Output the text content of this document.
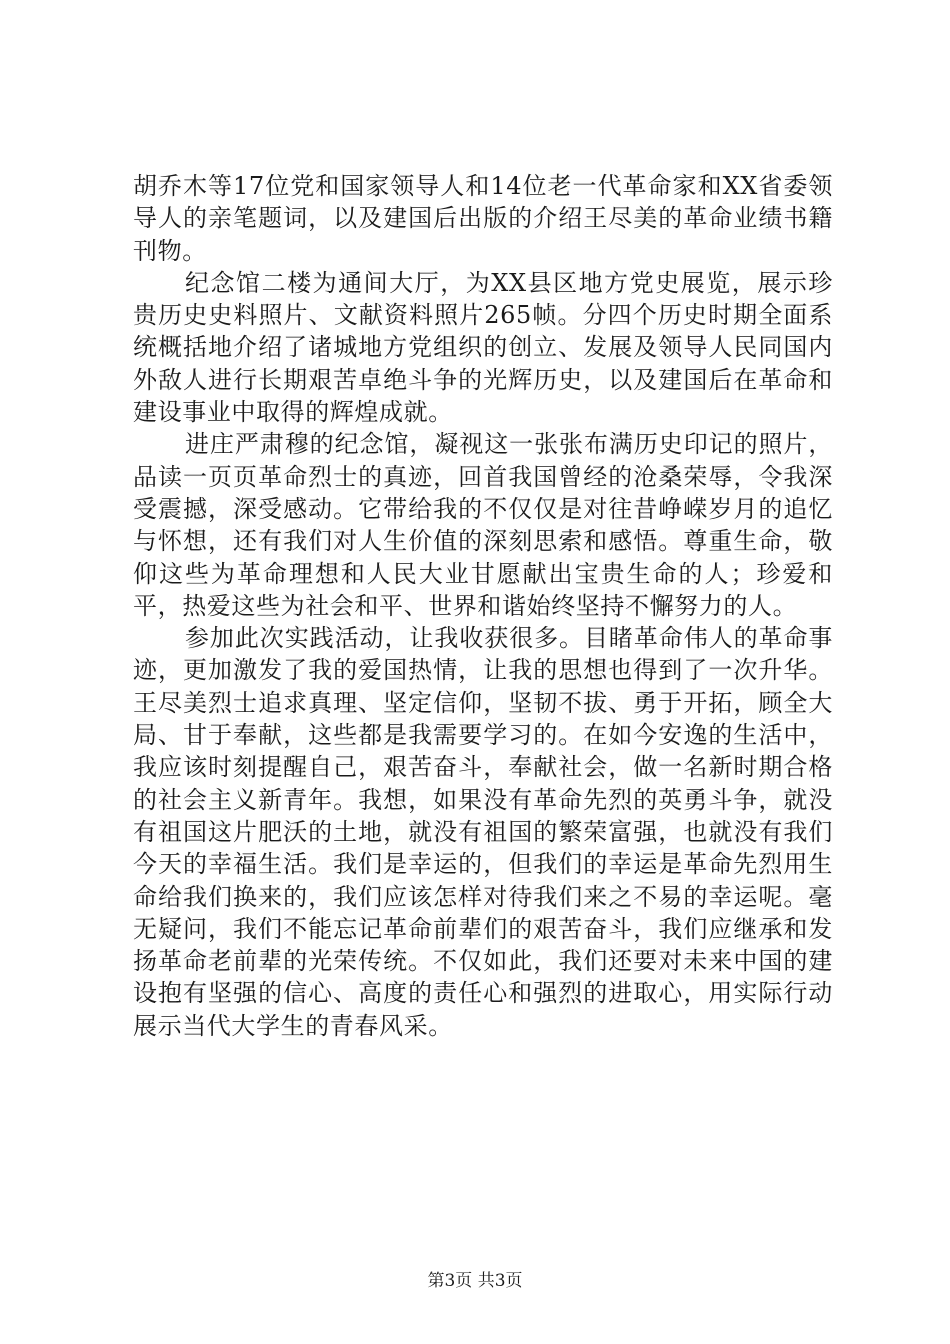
胡乔木等17位党和国家领导人和14位老一代革命家和XX省委领导人的亲笔题词，以及建国后出版的介绍王尽美的革命业绩书籍刊物。

纪念馆二楼为通间大厅，为XX县区地方党史展览，展示珍贵历史史料照片、文献资料照片265帧。分四个历史时期全面系统概括地介绍了诸城地方党组织的创立、发展及领导人民同国内外敌人进行长期艰苦卓绝斗争的光辉历史，以及建国后在革命和建设事业中取得的辉煌成就。

进庄严肃穆的纪念馆，凝视这一张张布满历史印记的照片，品读一页页革命烈士的真迹，回首我国曾经的沧桑荣辱，令我深受震撼，深受感动。它带给我的不仅仅是对往昔峥嵘岁月的追忆与怀想，还有我们对人生价值的深刻思索和感悟。尊重生命，敬仰这些为革命理想和人民大业甘愿献出宝贵生命的人；珍爱和平，热爱这些为社会和平、世界和谐始终坚持不懈努力的人。

参加此次实践活动，让我收获很多。目睹革命伟人的革命事迹，更加激发了我的爱国热情，让我的思想也得到了一次升华。王尽美烈士追求真理、坚定信仰，坚韧不拔、勇于开拓，顾全大局、甘于奉献，这些都是我需要学习的。在如今安逸的生活中，我应该时刻提醒自己，艰苦奋斗，奉献社会，做一名新时期合格的社会主义新青年。我想，如果没有革命先烈的英勇斗争，就没有祖国这片肥沃的土地，就没有祖国的繁荣富强，也就没有我们今天的幸福生活。我们是幸运的，但我们的幸运是革命先烈用生命给我们换来的，我们应该怎样对待我们来之不易的幸运呢。毫无疑问，我们不能忘记革命前辈们的艰苦奋斗，我们应继承和发扬革命老前辈的光荣传统。不仅如此，我们还要对未来中国的建设抱有坚强的信心、高度的责任心和强烈的进取心，用实际行动展示当代大学生的青春风采。

第3页 共3页
